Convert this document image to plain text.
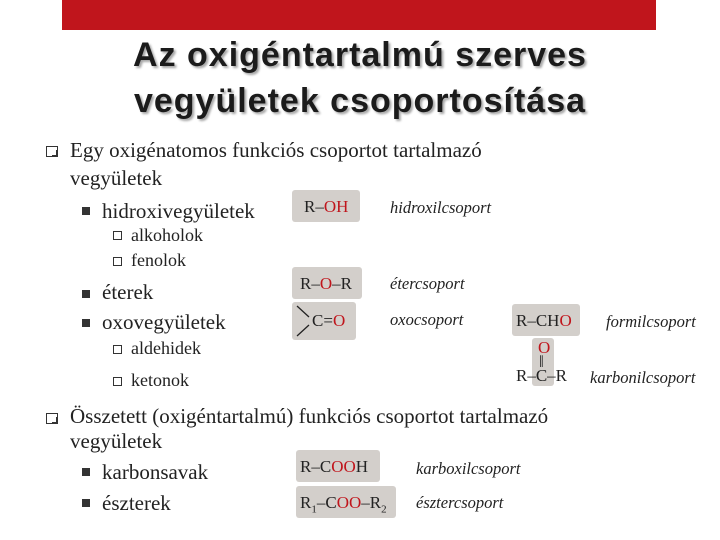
Az oxigéntartalmú szerves
vegyületek csoportosítása
Egy oxigénatomos funkciós csoportot tartalmazó
vegyületek
hidroxivegyületek
alkoholok
fenolok
éterek
oxovegyületek
aldehidek
ketonok
R–OH	hidroxilcsoport
R–O–R étercsoport
C=O	oxocsoport	R–CHO formilcsoport
O
‖
R–C–R karbonilcsoport
Összetett (oxigéntartalmú) funkciós csoportot tartalmazó
vegyületek
karbonsavak
észterek
R–COOH	karboxilcsoport
$R_1-COO-R_2$ észtercsoport
